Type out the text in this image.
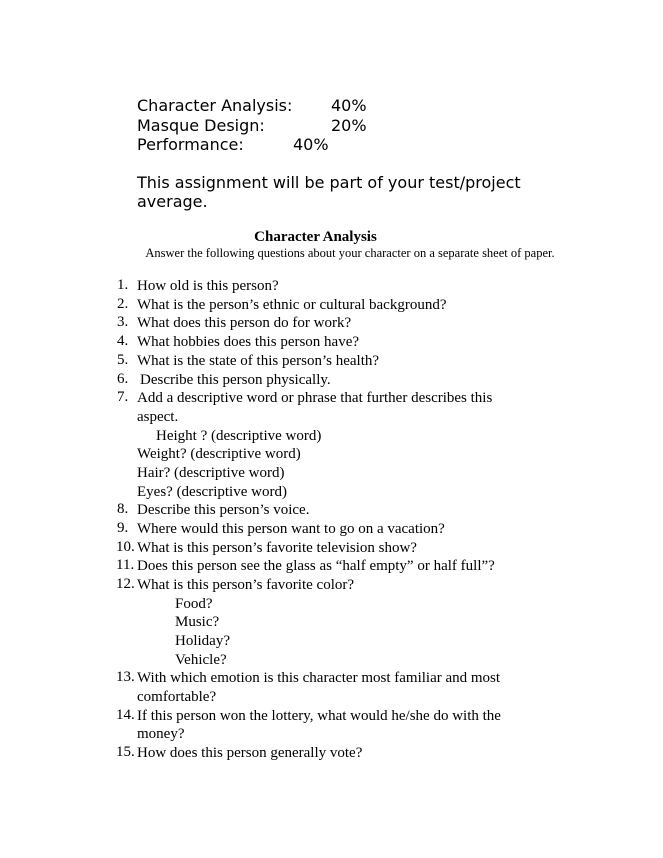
Character Analysis: 40%
Masque Design:	20%
Performance:	40%
This assignment will be part of your test/project
average.
Character Analysis
Answer the following questions about your character on a separate sheet of paper.
1. How old is this person?
2. What is the person’s ethnic or cultural background?
3. What does this person do for work?
4. What hobbies does this person have?
5. What is the state of this person’s health?
6. Describe this person physically.
7. Add a descriptive word or phrase that further describes this
aspect.
Height ? (descriptive word)
Weight? (descriptive word)
Hair? (descriptive word)
Eyes? (descriptive word)
8. Describe this person’s voice.
9. Where would this person want to go on a vacation?
10. What is this person’s favorite television show?
11. Does this person see the glass as “half empty” or half full”?
12. What is this person’s favorite color?
Food?
Music?
Holiday?
Vehicle?
13. With which emotion is this character most familiar and most
comfortable?
14. If this person won the lottery, what would he/she do with the
money?
15. How does this person generally vote?
